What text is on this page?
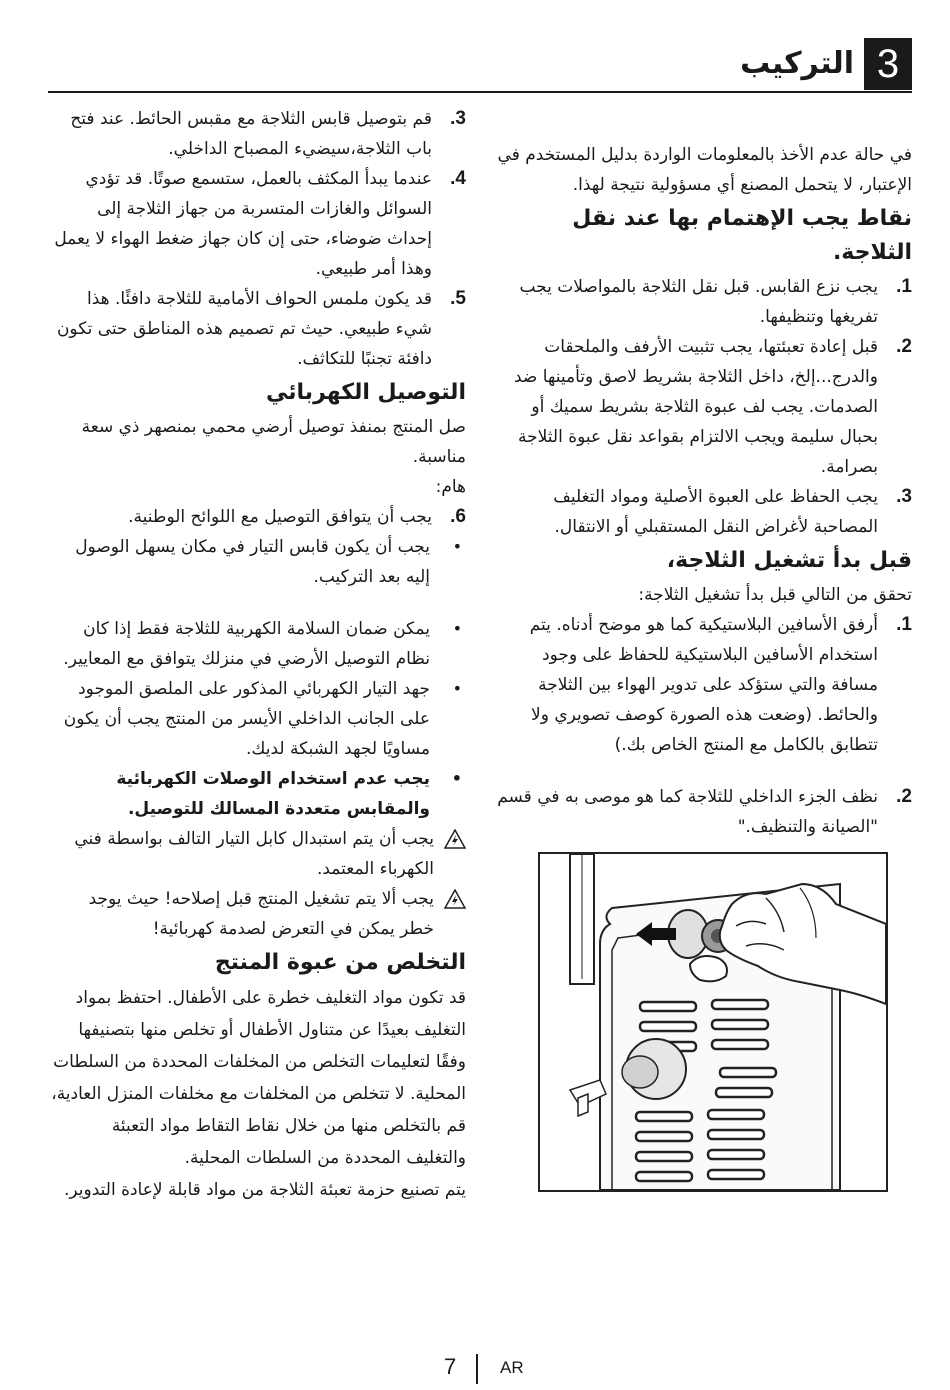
3
التركيب

في حالة عدم الأخذ بالمعلومات الواردة بدليل المستخدم في الإعتبار، لا يتحمل المصنع أي مسؤولية نتيجة لهذا.

نقاط يجب الإهتمام بها عند نقل الثلاجة.
1.
يجب نزع القابس. قبل نقل الثلاجة بالمواصلات يجب تفريغها وتنظيفها.
2.
قبل إعادة تعبئتها، يجب تثبيت الأرفف والملحقات والدرج...إلخ، داخل الثلاجة بشريط لاصق وتأمينها ضد الصدمات. يجب لف عبوة الثلاجة بشريط سميك أو بحبال سليمة ويجب الالتزام بقواعد نقل عبوة الثلاجة بصرامة.
3.
يجب الحفاظ على العبوة الأصلية ومواد التغليف المصاحبة لأغراض النقل المستقبلي أو الانتقال.
قبل بدأ تشغيل الثلاجة،

تحقق من التالي قبل بدأ تشغيل الثلاجة:

1.
أرفق الأسافين البلاستيكية كما هو موضح أدناه. يتم استخدام الأسافين البلاستيكية للحفاظ على وجود مسافة والتي ستؤكد على تدوير الهواء بين الثلاجة والحائط. (وضعت هذه الصورة كوصف تصويري ولا تتطابق بالكامل مع المنتج الخاص بك.)
2.
نظف الجزء الداخلي للثلاجة كما هو موصى به في قسم "الصيانة والتنظيف."
3.
قم بتوصيل قابس الثلاجة مع مقبس الحائط. عند فتح باب الثلاجة،سيضيء المصباح الداخلي.
4.
عندما يبدأ المكثف بالعمل، ستسمع صوتًا. قد تؤدي السوائل والغازات المتسربة من جهاز الثلاجة إلى إحداث ضوضاء، حتى إن كان جهاز ضغط الهواء لا يعمل وهذا أمر طبيعي.
5.
قد يكون ملمس الحواف الأمامية للثلاجة دافئًا. هذا شيء طبيعي. حيث تم تصميم هذه المناطق حتى تكون دافئة تجنبًا للتكاثف.
التوصيل الكهربائي

صل المنتج بمنفذ توصيل أرضي محمي بمنصهر ذي سعة مناسبة.

هام:

6.
يجب أن يتوافق التوصيل مع اللوائح الوطنية.
•
يجب أن يكون قابس التيار في مكان يسهل الوصول إليه بعد التركيب.
•
يمكن ضمان السلامة الكهربية للثلاجة فقط إذا كان نظام التوصيل الأرضي في منزلك يتوافق مع المعايير.
•
جهد التيار الكهربائي المذكور على الملصق الموجود على الجانب الداخلي الأيسر من المنتج يجب أن يكون مساويًا لجهد الشبكة لديك.
•
يجب عدم استخدام الوصلات الكهربائية والمقابس متعددة المسالك للتوصيل.
يجب أن يتم استبدال كابل التيار التالف بواسطة فني الكهرباء المعتمد.
يجب ألا يتم تشغيل المنتج قبل إصلاحه! حيث يوجد خطر يمكن في التعرض لصدمة كهربائية!
التخلص من عبوة المنتج

قد تكون مواد التغليف خطرة على الأطفال. احتفظ بمواد التغليف بعيدًا عن متناول الأطفال أو تخلص منها بتصنيفها وفقًا لتعليمات التخلص من المخلفات المحددة من السلطات المحلية. لا تتخلص من المخلفات مع مخلفات المنزل العادية، قم بالتخلص منها من خلال نقاط التقاط مواد التعبئة والتغليف المحددة من السلطات المحلية.

يتم تصنيع حزمة تعبئة الثلاجة من مواد قابلة لإعادة التدوير.

7	AR
